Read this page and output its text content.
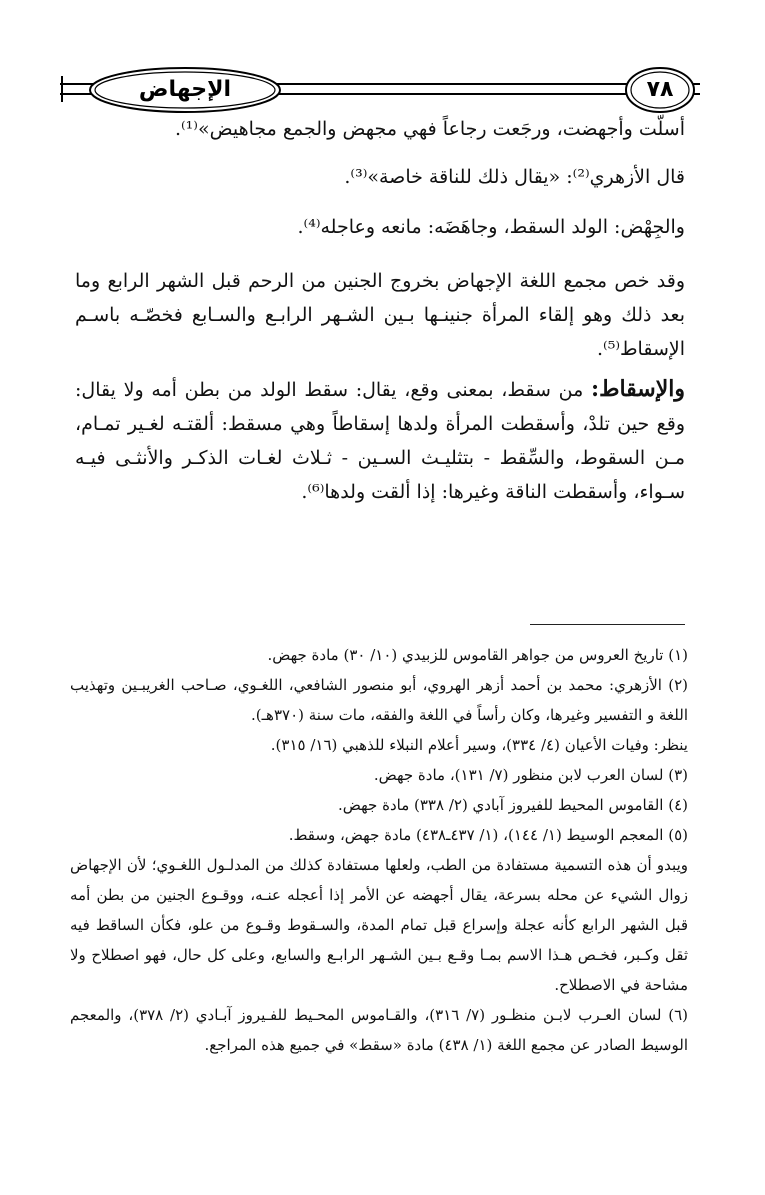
الإجهاض	٧٨
أسلّت وأجهضت، ورجَعت رجاعاً فهي مجهض والجمع مجاهيض»⁽¹⁾.
قال الأزهري⁽²⁾: «يقال ذلك للناقة خاصة»⁽³⁾.
والجِهْض: الولد السقط، وجاهَضَه: مانعه وعاجله⁽⁴⁾.
وقد خص مجمع اللغة الإجهاض بخروج الجنين من الرحم قبل الشهر الرابع وما بعد ذلك وهو إلقاء المرأة جنينـها بـين الشـهر الرابـع والسـابع فخصّـه باسـم الإسقاط⁽⁵⁾.
والإسقاط: من سقط، بمعنى وقع، يقال: سقط الولد من بطن أمه ولا يقال: وقع حين تلدْ، وأسقطت المرأة ولدها إسقاطاً وهي مسقط: ألقتـه لغـير تمـام، مـن السقوط، والسِّقط - بتثليـث السـين - ثـلاث لغـات الذكـر والأنثـى فيـه سـواء، وأسقطت الناقة وغيرها: إذا ألقت ولدها⁽⁶⁾.

(١) تاريخ العروس من جواهر القاموس للزبيدي (١٠/ ٣٠) مادة جهض.

(٢) الأزهري: محمد بن أحمد أزهر الهروي، أبو منصور الشافعي، اللغـوي، صـاحب الغريبـين وتهذيب اللغة و التفسير وغيرها، وكان رأساً في اللغة والفقه، مات سنة (٣٧٠هـ).

ينظر: وفيات الأعيان (٤/ ٣٣٤)، وسير أعلام النبلاء للذهبي (١٦/ ٣١٥).

(٣) لسان العرب لابن منظور (٧/ ١٣١)، مادة جهض.

(٤) القاموس المحيط للفيروز آبادي (٢/ ٣٣٨) مادة جهض.

(٥) المعجم الوسيط (١/ ١٤٤)، (١/ ٤٣٧ـ٤٣٨) مادة جهض، وسقط.

ويبدو أن هذه التسمية مستفادة من الطب، ولعلها مستفادة كذلك من المدلـول اللغـوي؛ لأن الإجهاض زوال الشيء عن محله بسرعة، يقال أجهضه عن الأمر إذا أعجله عنـه، ووقـوع الجنين من بطن أمه قبل الشهر الرابع كأنه عجلة وإسراع قبل تمام المدة، والسـقوط وقـوع من علو، فكأن الساقط فيه ثقل وكـبر، فخـص هـذا الاسم بمـا وقـع بـين الشـهر الرابـع والسابع، وعلى كل حال، فهو اصطلاح ولا مشاحة في الاصطلاح.

(٦) لسان العـرب لابـن منظـور (٧/ ٣١٦)، والقـاموس المحـيط للفـيروز آبـادي (٢/ ٣٧٨)، والمعجم الوسيط الصادر عن مجمع اللغة (١/ ٤٣٨) مادة «سقط» في جميع هذه المراجع.
